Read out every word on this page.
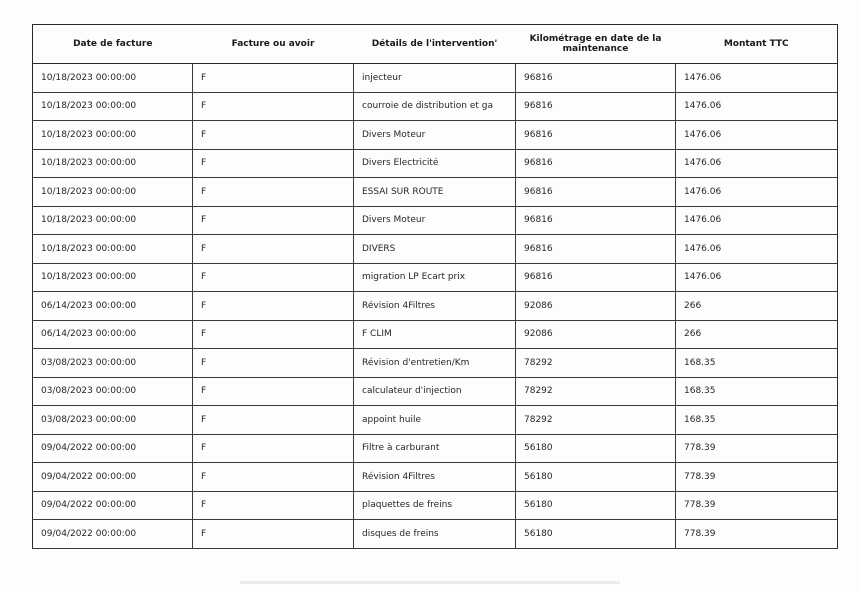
Date de facture	Facture ou avoir	Détails de l'intervention'	Kilométrage en date de la maintenance	Montant TTC
10/18/2023 00:00:00	F	injecteur	96816	1476.06
10/18/2023 00:00:00	F	courroie de distribution et ga	96816	1476.06
10/18/2023 00:00:00	F	Divers Moteur	96816	1476.06
10/18/2023 00:00:00	F	Divers Electricité	96816	1476.06
10/18/2023 00:00:00	F	ESSAI SUR ROUTE	96816	1476.06
10/18/2023 00:00:00	F	Divers Moteur	96816	1476.06
10/18/2023 00:00:00	F	DIVERS	96816	1476.06
10/18/2023 00:00:00	F	migration LP Ecart prix	96816	1476.06
06/14/2023 00:00:00	F	Révision 4Filtres	92086	266
06/14/2023 00:00:00	F	F CLIM	92086	266
03/08/2023 00:00:00	F	Révision d'entretien/Km	78292	168.35
03/08/2023 00:00:00	F	calculateur d'injection	78292	168.35
03/08/2023 00:00:00	F	appoint huile	78292	168.35
09/04/2022 00:00:00	F	Filtre à carburant	56180	778.39
09/04/2022 00:00:00	F	Révision 4Filtres	56180	778.39
09/04/2022 00:00:00	F	plaquettes de freins	56180	778.39
09/04/2022 00:00:00	F	disques de freins	56180	778.39
